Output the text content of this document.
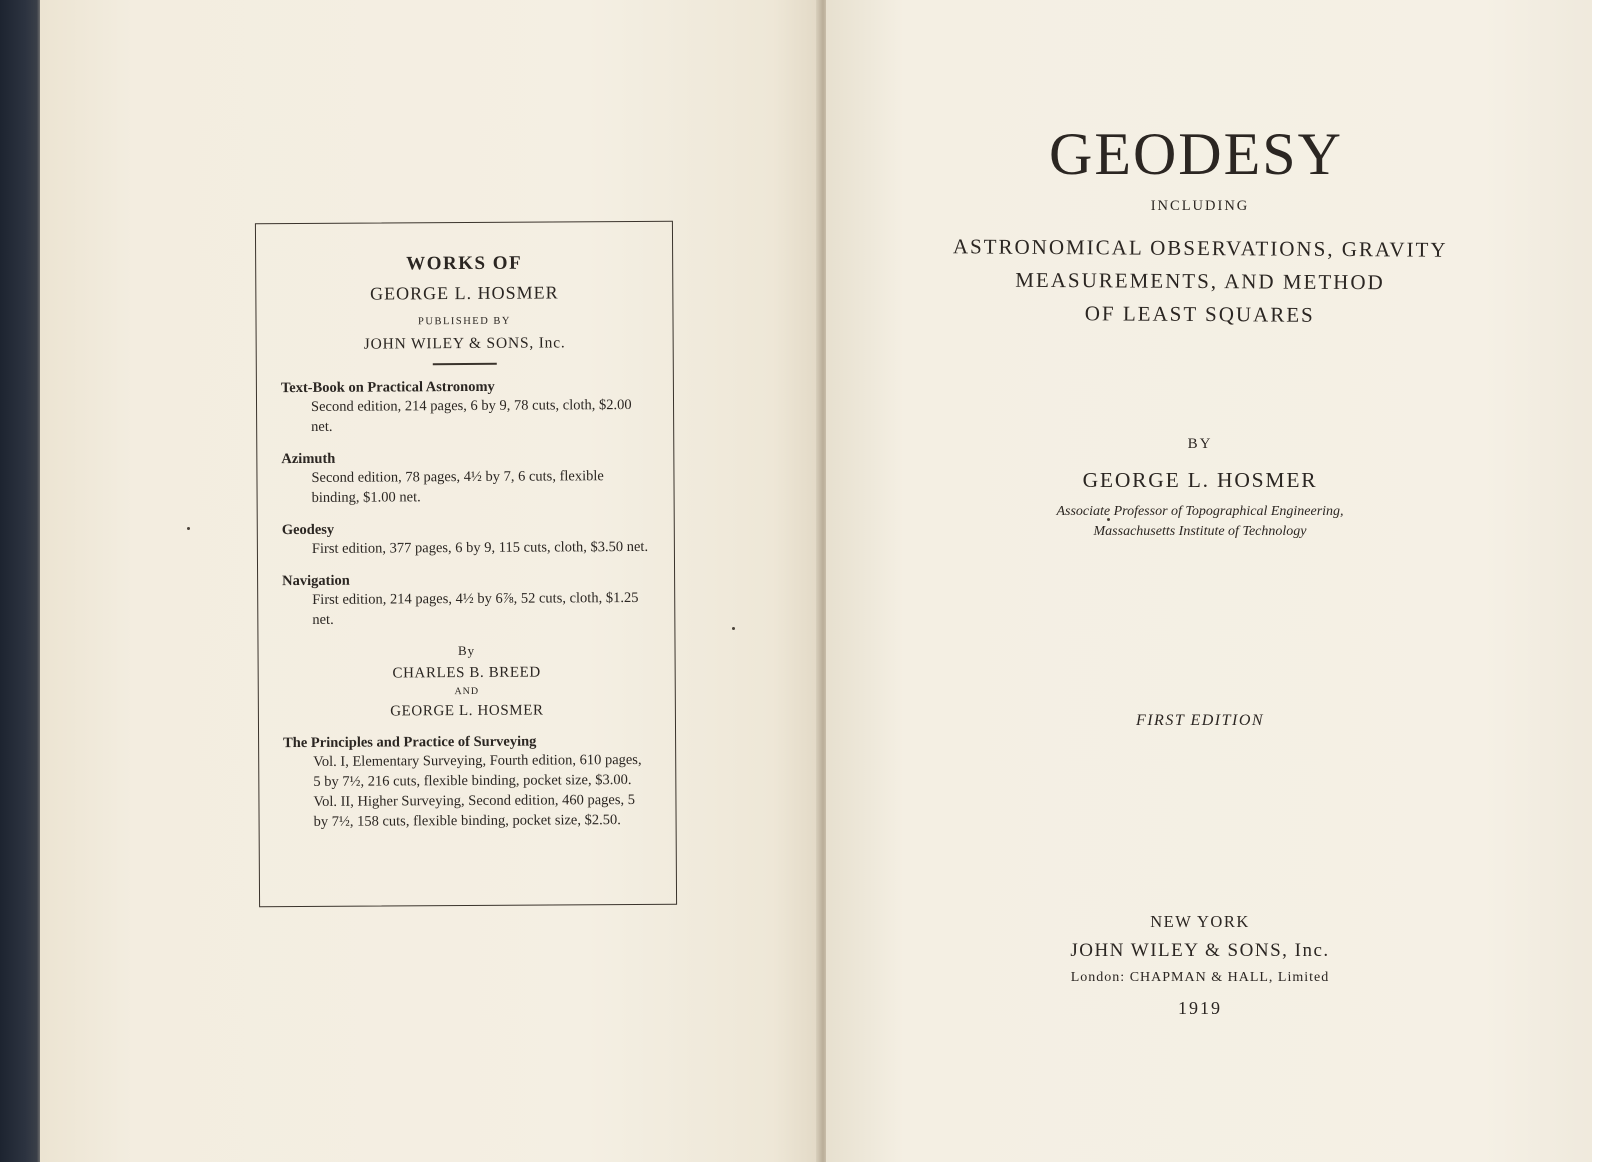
WORKS OF
GEORGE L. HOSMER
PUBLISHED BY
JOHN WILEY & SONS, Inc.
Text-Book on Practical Astronomy
Second edition, 214 pages, 6 by 9, 78 cuts, cloth, $2.00 net.
Azimuth
Second edition, 78 pages, 4½ by 7, 6 cuts, flexible binding, $1.00 net.
Geodesy
First edition, 377 pages, 6 by 9, 115 cuts, cloth, $3.50 net.
Navigation
First edition, 214 pages, 4½ by 6⅞, 52 cuts, cloth, $1.25 net.
By
CHARLES B. BREED
AND
GEORGE L. HOSMER
The Principles and Practice of Surveying
Vol. I, Elementary Surveying, Fourth edition, 610 pages, 5 by 7½, 216 cuts, flexible binding, pocket size, $3.00.
Vol. II, Higher Surveying, Second edition, 460 pages, 5 by 7½, 158 cuts, flexible binding, pocket size, $2.50.
GEODESY
INCLUDING
ASTRONOMICAL OBSERVATIONS, GRAVITY
MEASUREMENTS, AND METHOD
OF LEAST SQUARES
BY
GEORGE L. HOSMER
Associate Professor of Topographical Engineering,
Massachusetts Institute of Technology
FIRST EDITION
NEW YORK
JOHN WILEY & SONS, Inc.
London: CHAPMAN & HALL, Limited
1919
